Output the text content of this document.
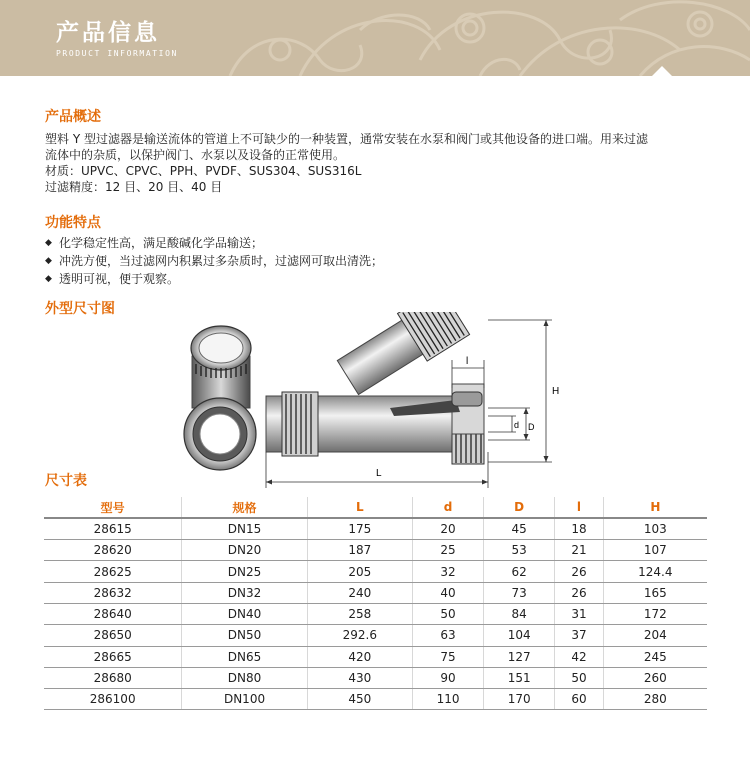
产品信息
PRODUCT INFORMATION
产品概述
塑料 Y 型过滤器是输送流体的管道上不可缺少的一种装置，通常安装在水泵和阀门或其他设备的进口端。用来过滤
流体中的杂质，以保护阀门、水泵以及设备的正常使用。
材质：UPVC、CPVC、PPH、PVDF、SUS304、SUS316L
过滤精度：12 目、20 目、40 目
功能特点
◆ 化学稳定性高，满足酸碱化学品输送；
◆ 冲洗方便，当过滤网内积累过多杂质时，过滤网可取出清洗；
◆ 透明可视，便于观察。
外型尺寸图
L
l
H
d D
尺寸表
型号	规格	L	d	D	l	H
28615	DN15	175	20	45	18	103
28620	DN20	187	25	53	21	107
28625	DN25	205	32	62	26	124.4
28632	DN32	240	40	73	26	165
28640	DN40	258	50	84	31	172
28650	DN50	292.6	63	104	37	204
28665	DN65	420	75	127	42	245
28680	DN80	430	90	151	50	260
286100	DN100	450	110	170	60	280
